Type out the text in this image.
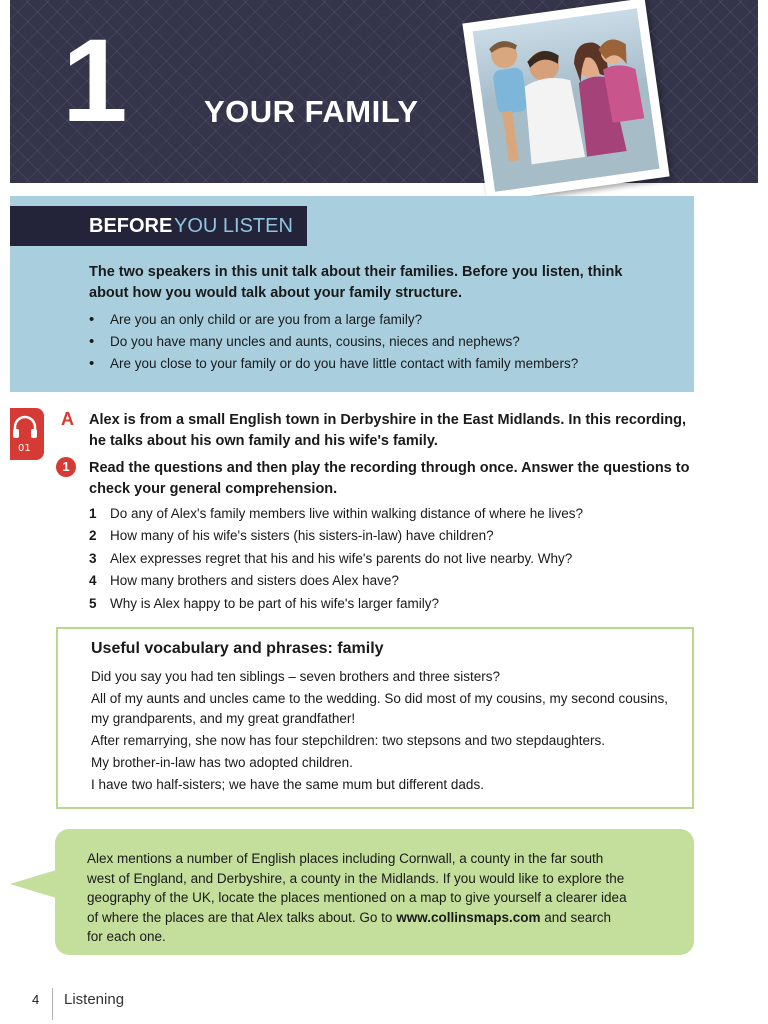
1	YOUR FAMILY
BEFORE YOU LISTEN
The two speakers in this unit talk about their families. Before you listen, think about how you would talk about your family structure.
• Are you an only child or are you from a large family?
• Do you have many uncles and aunts, cousins, nieces and nephews?
• Are you close to your family or do you have little contact with family members?
01
A Alex is from a small English town in Derbyshire in the East Midlands. In this recording, he talks about his own family and his wife's family.
1	Read the questions and then play the recording through once. Answer the questions to check your general comprehension.
1 Do any of Alex's family members live within walking distance of where he lives?
2 How many of his wife's sisters (his sisters-in-law) have children?
3 Alex expresses regret that his and his wife's parents do not live nearby. Why?
4 How many brothers and sisters does Alex have?
5 Why is Alex happy to be part of his wife's larger family?
Useful vocabulary and phrases: family
Did you say you had ten siblings – seven brothers and three sisters?
All of my aunts and uncles came to the wedding. So did most of my cousins, my second cousins, my grandparents, and my great grandfather!
After remarrying, she now has four stepchildren: two stepsons and two stepdaughters.
My brother-in-law has two adopted children.
I have two half-sisters; we have the same mum but different dads.
Alex mentions a number of English places including Cornwall, a county in the far south west of England, and Derbyshire, a county in the Midlands. If you would like to explore the geography of the UK, locate the places mentioned on a map to give yourself a clearer idea of where the places are that Alex talks about. Go to www.collinsmaps.com and search for each one.
4 Listening
